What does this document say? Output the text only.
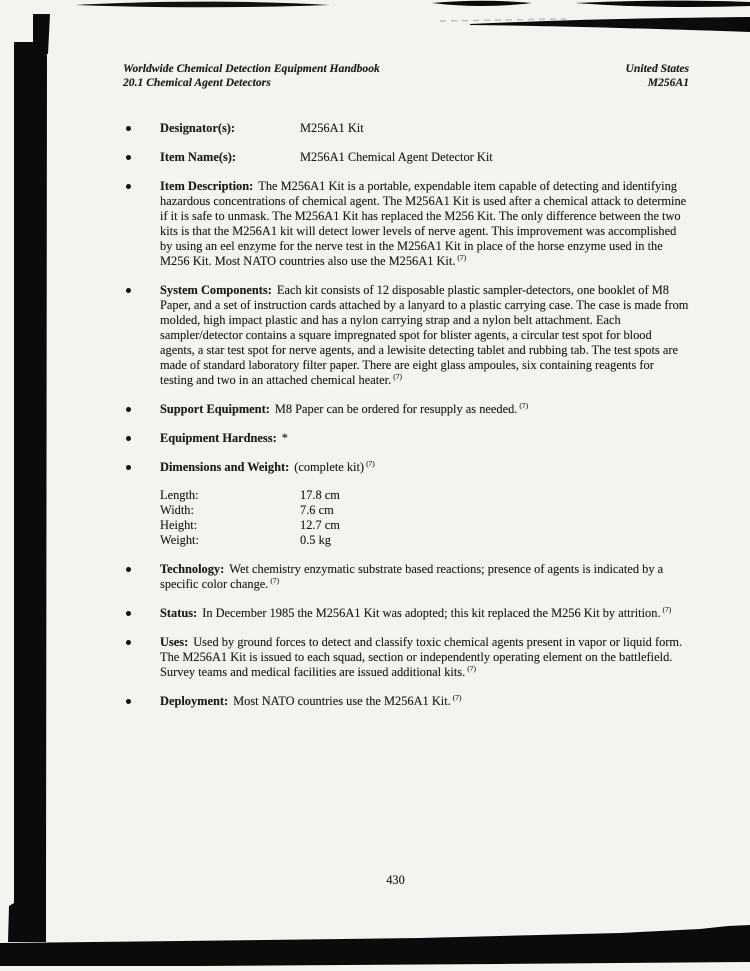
Worldwide Chemical Detection Equipment Handbook
20.1 Chemical Agent Detectors
United States
M256A1
Designator(s):	M256A1 Kit
Item Name(s):	M256A1 Chemical Agent Detector Kit

Item Description: The M256A1 Kit is a portable, expendable item capable of detecting and identifying hazardous concentrations of chemical agent. The M256A1 Kit is used after a chemical attack to determine if it is safe to unmask. The M256A1 Kit has replaced the M256 Kit. The only difference between the two kits is that the M256A1 kit will detect lower levels of nerve agent. This improvement was accomplished by using an eel enzyme for the nerve test in the M256A1 Kit in place of the horse enzyme used in the M256 Kit. Most NATO countries also use the M256A1 Kit. $^{(7)}$

System Components: Each kit consists of 12 disposable plastic sampler-detectors, one booklet of M8 Paper, and a set of instruction cards attached by a lanyard to a plastic carrying case. The case is made from molded, high impact plastic and has a nylon carrying strap and a nylon belt attachment. Each sampler/detector contains a square impregnated spot for blister agents, a circular test spot for blood agents, a star test spot for nerve agents, and a lewisite detecting tablet and rubbing tab. The test spots are made of standard laboratory filter paper. There are eight glass ampoules, six containing reagents for testing and two in an attached chemical heater. $^{(7)}$

Support Equipment: M8 Paper can be ordered for resupply as needed. $^{(7)}$

Equipment Hardness: *

Dimensions and Weight: (complete kit) $^{(7)}$
Length:	17.8 cm
Width:	7.6 cm
Height:	12.7 cm
Weight:	0.5 kg

Technology: Wet chemistry enzymatic substrate based reactions; presence of agents is indicated by a specific color change. $^{(7)}$

Status: In December 1985 the M256A1 Kit was adopted; this kit replaced the M256 Kit by attrition. $^{(7)}$

Uses: Used by ground forces to detect and classify toxic chemical agents present in vapor or liquid form. The M256A1 Kit is issued to each squad, section or independently operating element on the battlefield. Survey teams and medical facilities are issued additional kits. $^{(7)}$

Deployment: Most NATO countries use the M256A1 Kit. $^{(7)}$

430
